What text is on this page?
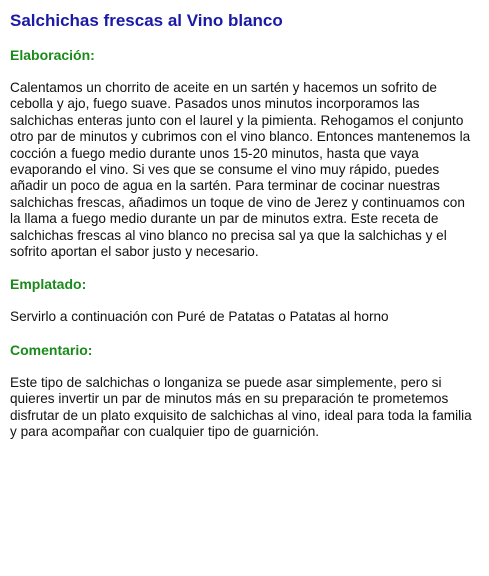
Salchichas frescas al Vino blanco
Elaboración:

Calentamos un chorrito de aceite en un sartén y hacemos un sofrito de cebolla y ajo, fuego suave. Pasados unos minutos incorporamos las salchichas enteras junto con el laurel y la pimienta. Rehogamos el conjunto otro par de minutos y cubrimos con el vino blanco. Entonces mantenemos la cocción a fuego medio durante unos 15-20 minutos, hasta que vaya evaporando el vino. Si ves que se consume el vino muy rápido, puedes añadir un poco de agua en la sartén. Para terminar de cocinar nuestras salchichas frescas, añadimos un toque de vino de Jerez y continuamos con la llama a fuego medio durante un par de minutos extra. Este receta de salchichas frescas al vino blanco no precisa sal ya que la salchichas y el sofrito aportan el sabor justo y necesario.

Emplatado:

Servirlo a continuación con Puré de Patatas o Patatas al horno

Comentario:

Este tipo de salchichas o longaniza se puede asar simplemente, pero si quieres invertir un par de minutos más en su preparación te prometemos disfrutar de un plato exquisito de salchichas al vino, ideal para toda la familia y para acompañar con cualquier tipo de guarnición.
